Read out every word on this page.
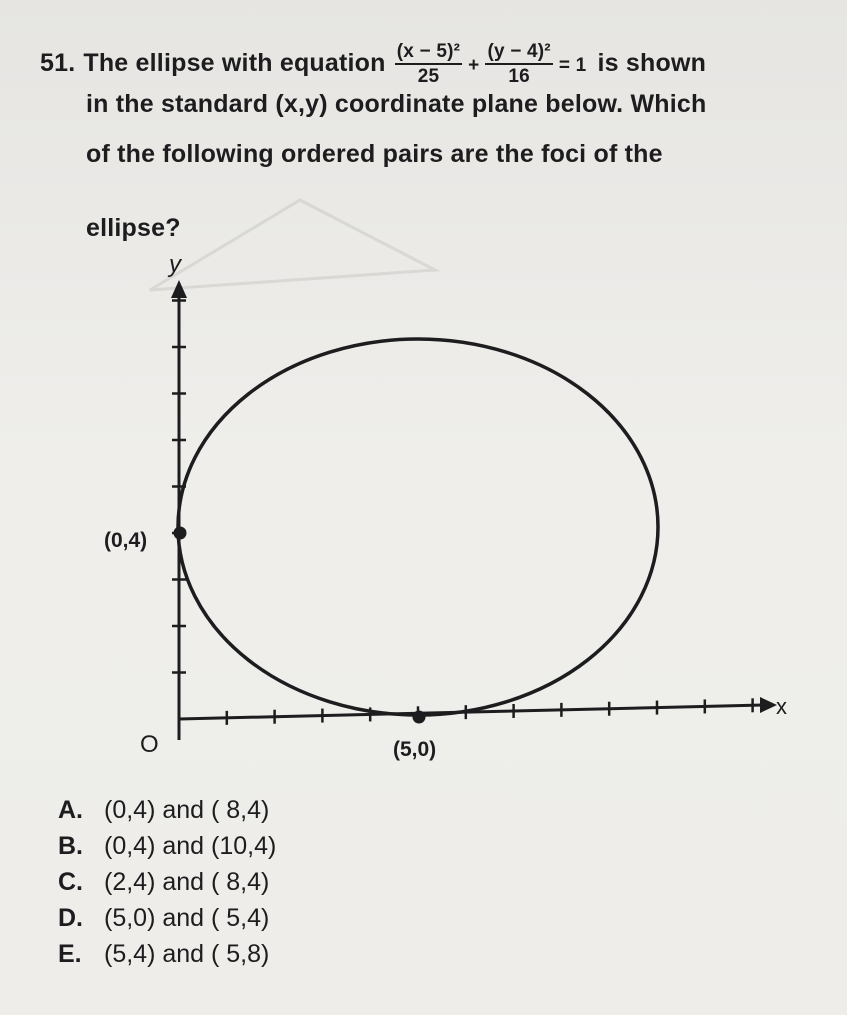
51. The ellipse with equation $\frac{\text{(x − 5)²}}{25} + \frac{\text{(y − 4)²}}{16} = 1$ is shown
in the standard (x,y) coordinate plane below. Which
of the following ordered pairs are the foci of the
ellipse?
y
x
O
(0,4)
(5,0)
A. (0,4) and ( 8,4)
B. (0,4) and (10,4)
C. (2,4) and ( 8,4)
D. (5,0) and ( 5,4)
E. (5,4) and ( 5,8)
